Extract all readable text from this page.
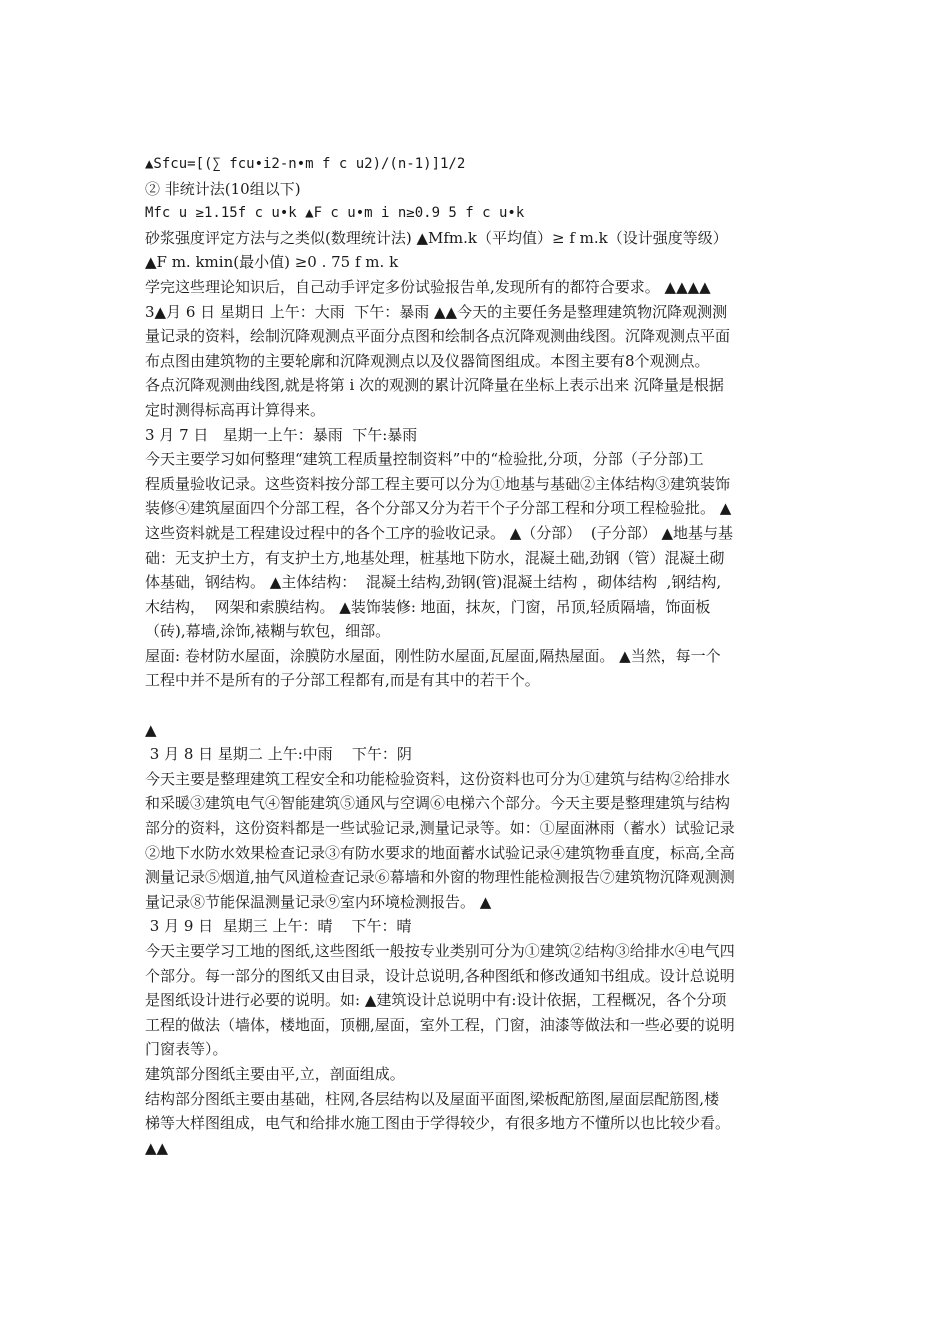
▲Sfcu=[(∑ fcu•i2-n•m f c u2)/(n-1)]1/2
② 非统计法(10组以下)
Mfc u ≥1.15f c u•k ▲F c u•m i n≥0.9 5 f c u•k
砂浆强度评定方法与之类似(数理统计法) ▲Mfm.k（平均值）≥ f m.k（设计强度等级）
▲F m. kmin(最小值) ≥0 . 75 f m. k
学完这些理论知识后，自己动手评定多份试验报告单,发现所有的都符合要求。 ▲▲▲▲
3▲月 6 日 星期日 上午：大雨  下午：暴雨 ▲▲今天的主要任务是整理建筑物沉降观测测
量记录的资料，绘制沉降观测点平面分点图和绘制各点沉降观测曲线图。沉降观测点平面
布点图由建筑物的主要轮廓和沉降观测点以及仪器简图组成。本图主要有8个观测点。
各点沉降观测曲线图,就是将第 i 次的观测的累计沉降量在坐标上表示出来 沉降量是根据
定时测得标高再计算得来。
3 月 7 日   星期一上午：暴雨  下午:暴雨
今天主要学习如何整理“建筑工程质量控制资料”中的“检验批,分项，分部（子分部)工
程质量验收记录。这些资料按分部工程主要可以分为①地基与基础②主体结构③建筑装饰
装修④建筑屋面四个分部工程，各个分部又分为若干个子分部工程和分项工程检验批。 ▲
这些资料就是工程建设过程中的各个工序的验收记录。 ▲（分部）  (子分部） ▲地基与基
础：无支护土方，有支护土方,地基处理，桩基地下防水，混凝土础,劲钢（管）混凝土砌
体基础，钢结构。 ▲主体结构：  混凝土结构,劲钢(管)混凝土结构 ，砌体结构  ,钢结构,
木结构，  网架和索膜结构。 ▲装饰装修: 地面，抹灰，门窗，吊顶,轻质隔墙，饰面板
（砖),幕墙,涂饰,裱糊与软包，细部。
屋面: 卷材防水屋面，涂膜防水屋面，刚性防水屋面,瓦屋面,隔热屋面。 ▲当然，每一个
工程中并不是所有的子分部工程都有,而是有其中的若干个。
▲
3 月 8 日 星期二 上午:中雨    下午：阴
今天主要是整理建筑工程安全和功能检验资料，这份资料也可分为①建筑与结构②给排水
和采暖③建筑电气④智能建筑⑤通风与空调⑥电梯六个部分。今天主要是整理建筑与结构
部分的资料，这份资料都是一些试验记录,测量记录等。如：①屋面淋雨（蓄水）试验记录
②地下水防水效果检查记录③有防水要求的地面蓄水试验记录④建筑物垂直度，标高,全高
测量记录⑤烟道,抽气风道检查记录⑥幕墙和外窗的物理性能检测报告⑦建筑物沉降观测测
量记录⑧节能保温测量记录⑨室内环境检测报告。 ▲
3 月 9 日  星期三 上午：晴    下午：晴
今天主要学习工地的图纸,这些图纸一般按专业类别可分为①建筑②结构③给排水④电气四
个部分。每一部分的图纸又由目录，设计总说明,各种图纸和修改通知书组成。设计总说明
是图纸设计进行必要的说明。如: ▲建筑设计总说明中有:设计依据，工程概况，各个分项
工程的做法（墙体，楼地面，顶棚,屋面，室外工程，门窗，油漆等做法和一些必要的说明
门窗表等）。
建筑部分图纸主要由平,立，剖面组成。
结构部分图纸主要由基础，柱网,各层结构以及屋面平面图,梁板配筋图,屋面层配筋图,楼
梯等大样图组成，电气和给排水施工图由于学得较少，有很多地方不懂所以也比较少看。
▲▲
